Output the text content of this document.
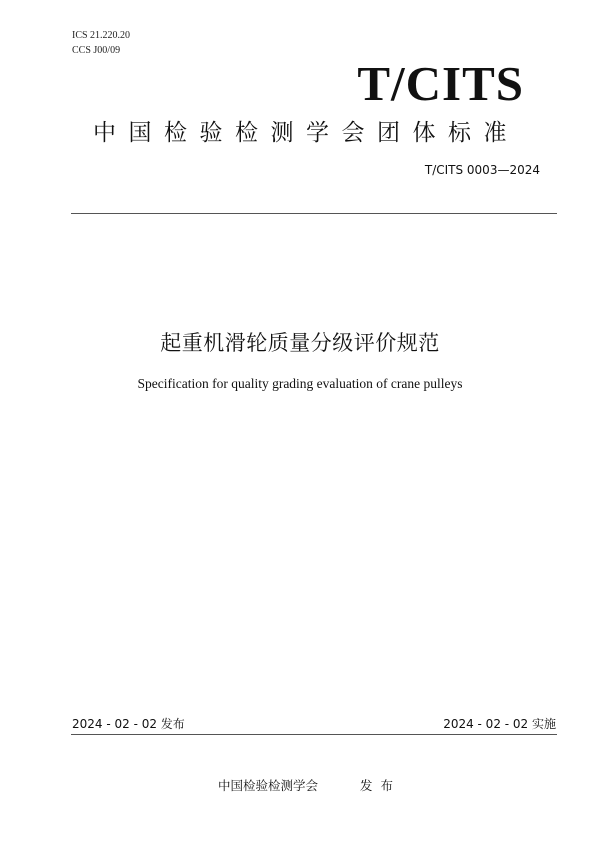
ICS 21.220.20
CCS J00/09
T/CITS
中国检验检测学会团体标准
T/CITS 0003—2024
起重机滑轮质量分级评价规范
Specification for quality grading evaluation of crane pulleys
2024 - 02 - 02 发布	2024 - 02 - 02 实施
中国检验检测学会	发布
